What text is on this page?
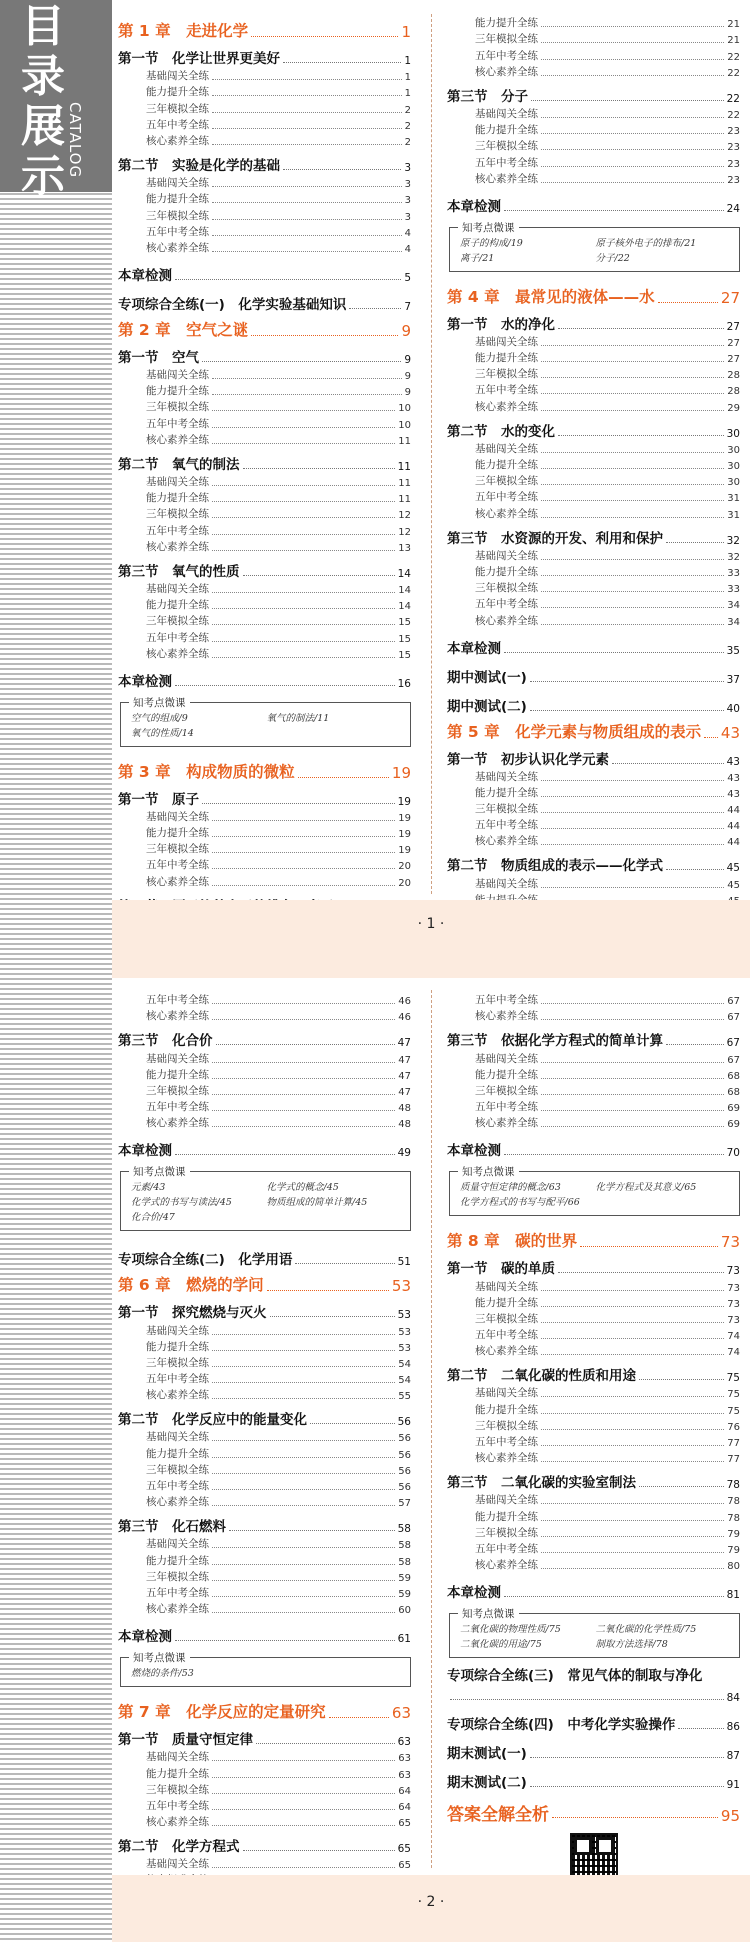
目录展示 CATALOG
第 1 章　走进化学	1
第一节　化学让世界更美好	1
基础闯关全练	1
能力提升全练	1
三年模拟全练	2
五年中考全练	2
核心素养全练	2
第二节　实验是化学的基础	3
基础闯关全练	3
能力提升全练	3
三年模拟全练	3
五年中考全练	4
核心素养全练	4
本章检测	5
专项综合全练(一)　化学实验基础知识	7
第 2 章　空气之谜	9
第一节　空气	9
基础闯关全练	9
能力提升全练	9
三年模拟全练	10
五年中考全练	10
核心素养全练	11
第二节　氧气的制法	11
基础闯关全练	11
能力提升全练	11
三年模拟全练	12
五年中考全练	12
核心素养全练	13
第三节　氧气的性质	14
基础闯关全练	14
能力提升全练	14
三年模拟全练	15
五年中考全练	15
核心素养全练	15
本章检测	16
知考点微课
空气的组成/9	氧气的制法/11
氧气的性质/14
第 3 章　构成物质的微粒	19
第一节　原子	19
基础闯关全练	19
能力提升全练	19
三年模拟全练	19
五年中考全练	20
核心素养全练	20
能力提升全练	21
三年模拟全练	21
五年中考全练	22
核心素养全练	22
第三节　分子	22
基础闯关全练	22
能力提升全练	23
三年模拟全练	23
五年中考全练	23
核心素养全练	23
本章检测	24
知考点微课
原子的构成/19	原子核外电子的排布/21
离子/21	分子/22
第 4 章　最常见的液体——水	27
第一节　水的净化	27
基础闯关全练	27
能力提升全练	27
三年模拟全练	28
五年中考全练	28
核心素养全练	29
第二节　水的变化	30
基础闯关全练	30
能力提升全练	30
三年模拟全练	30
五年中考全练	31
核心素养全练	31
第三节　水资源的开发、利用和保护	32
基础闯关全练	32
能力提升全练	33
三年模拟全练	33
五年中考全练	34
核心素养全练	34
本章检测	35
期中测试(一)	37
期中测试(二)	40
第 5 章　化学元素与物质组成的表示 43
第一节　初步认识化学元素	43
基础闯关全练	43
能力提升全练	43
三年模拟全练	44
五年中考全练	44
核心素养全练	44
第二节　物质组成的表示——化学式	45
基础闯关全练	45
· 1 ·
五年中考全练	46
核心素养全练	46
第三节　化合价	47
基础闯关全练	47
能力提升全练	47
三年模拟全练	47
五年中考全练	48
核心素养全练	48
本章检测	49
知考点微课
元素/43	化学式的概念/45
化学式的书写与读法/45	物质组成的简单计算/45
化合价/47
专项综合全练(二)　化学用语	51
第 6 章　燃烧的学问	53
第一节　探究燃烧与灭火	53
基础闯关全练	53
能力提升全练	53
三年模拟全练	54
五年中考全练	54
核心素养全练	55
第二节　化学反应中的能量变化	56
基础闯关全练	56
能力提升全练	56
三年模拟全练	56
五年中考全练	56
核心素养全练	57
第三节　化石燃料	58
基础闯关全练	58
能力提升全练	58
三年模拟全练	59
五年中考全练	59
核心素养全练	60
本章检测	61
知考点微课
燃烧的条件/53
第 7 章　化学反应的定量研究	63
第一节　质量守恒定律	63
基础闯关全练	63
能力提升全练	63
三年模拟全练	64
五年中考全练	64
核心素养全练	65
第二节　化学方程式	65
基础闯关全练	65
五年中考全练	67
核心素养全练	67
第三节　依据化学方程式的简单计算	67
基础闯关全练	67
能力提升全练	68
三年模拟全练	68
五年中考全练	69
核心素养全练	69
本章检测	70
知考点微课
质量守恒定律的概念/63	化学方程式及其意义/65
化学方程式的书写与配平/66
第 8 章　碳的世界	73
第一节　碳的单质	73
基础闯关全练	73
能力提升全练	73
三年模拟全练	73
五年中考全练	74
核心素养全练	74
第二节　二氧化碳的性质和用途	75
基础闯关全练	75
能力提升全练	75
三年模拟全练	76
五年中考全练	77
核心素养全练	77
第三节　二氧化碳的实验室制法	78
基础闯关全练	78
能力提升全练	78
三年模拟全练	79
五年中考全练	79
核心素养全练	80
本章检测	81
知考点微课
二氧化碳的物理性质/75	二氧化碳的化学性质/75
二氧化碳的用途/75	制取方法选择/78
专项综合全练(三)　常见气体的制取与净化
84
专项综合全练(四)　中考化学实验操作	86
期末测试(一)	87
期末测试(二)	91
答案全解全析	95
· 2 ·
